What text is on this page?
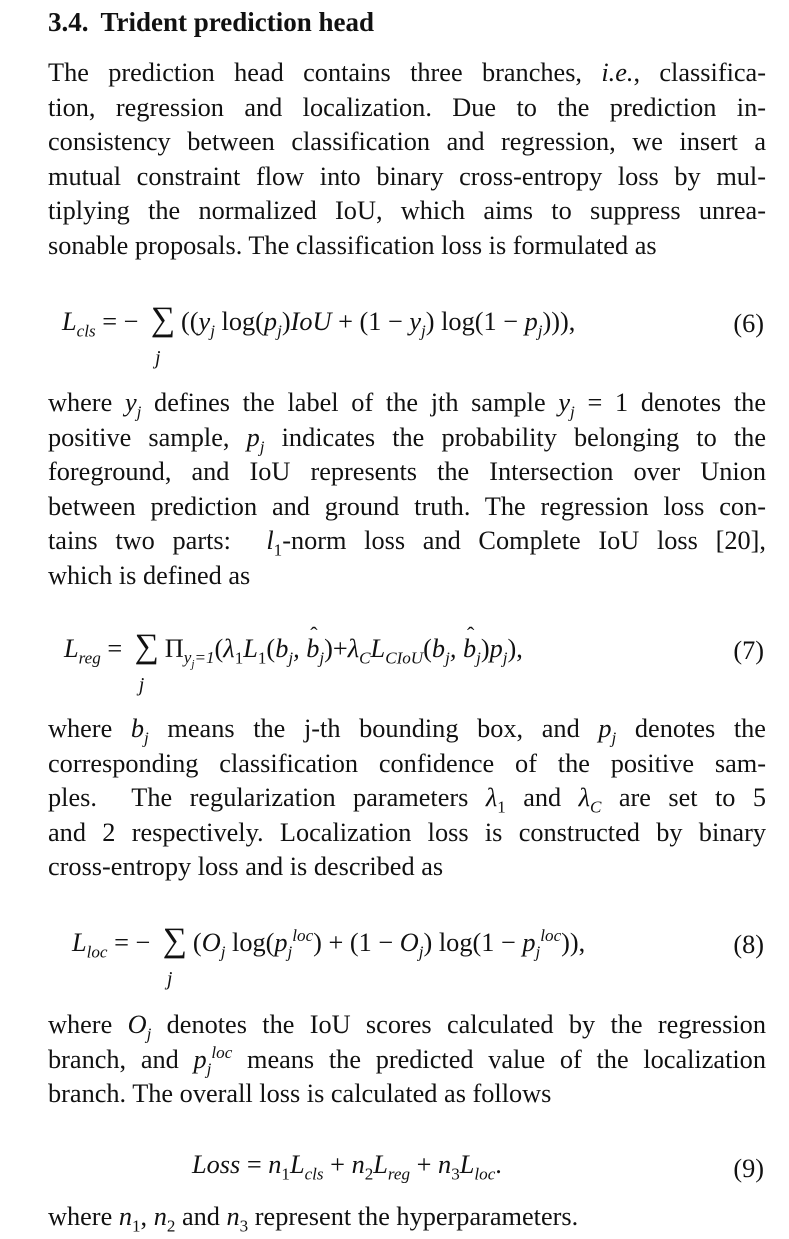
3.4. Trident prediction head
The prediction head contains three branches, i.e., classifica-
tion, regression and localization. Due to the prediction in-
consistency between classification and regression, we insert a
mutual constraint flow into binary cross-entropy loss by mul-
tiplying the normalized IoU, which aims to suppress unrea-
sonable proposals. The classification loss is formulated as
$L_{cls}$ = − ∑
j
(($y_j$ $\log(p_j)IoU + (1 - y_j) \log(1 - p_j)$)),	(6)
where $y_j$ defines the label of the jth sample $y_j = 1$ denotes the
positive sample, $p_j$ indicates the probability belonging to the
foreground, and IoU represents the Intersection over Union
between prediction and ground truth. The regression loss con-
tains two parts:  $l_1$-norm loss and Complete IoU loss [20],
which is defined as
$L_{reg}$ = ∑
j
$\Pi_{y_j=1}(\lambda_1L_1(b_j$, ˆ $b_j)+\lambda_CL_{CIoU}(b_j$, ˆ $b_j)p_j$),	(7)
where $b_j$ means the j-th bounding box, and $p_j$ denotes the
corresponding classification confidence of the positive sam-
ples.  The regularization parameters $\lambda_1$ and $\lambda_C$ are set to 5
and 2 respectively. Localization loss is constructed by binary
cross-entropy loss and is described as
$L_{loc}$ = − ∑
j
($O_j$ $\log(p_j^{loc}) + (1 - O_j) \log(1 - p_j^{loc})$),	(8)
where $O_j$ denotes the IoU scores calculated by the regression
branch, and $p_j^{loc}$ means the predicted value of the localization
branch. The overall loss is calculated as follows
Loss = $n_1L_{cls} + n_2L_{reg} + n_3L_{loc}$.	(9)
where $n_1$, $n_2$ and $n_3$ represent the hyperparameters.
